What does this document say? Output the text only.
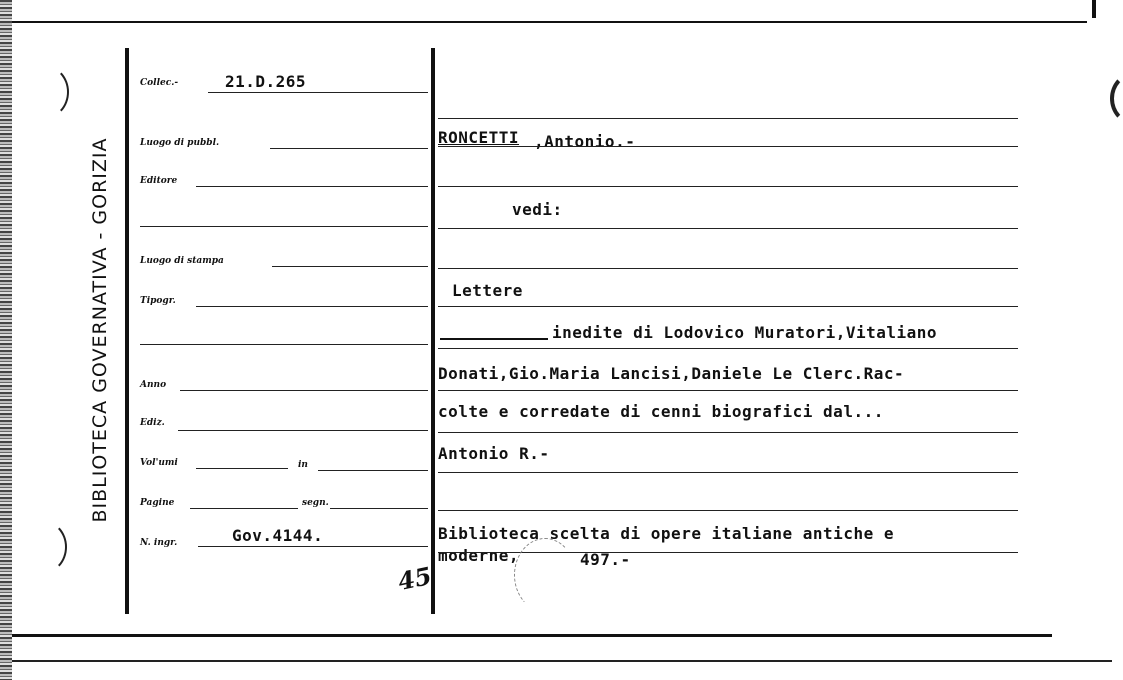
BIBLIOTECA GOVERNATIVA - GORIZIA
Collec.-	21.D.265
Luogo di pubbl.
Editore
Luogo di stampa
Tipogr.
Anno
Ediz.
Vol'umi	in
Pagine	segn.
N. ingr.	Gov.4144.
45
RONCETTI ,Antonio.-
vedi:
Lettere
inedite di Lodovico Muratori,Vitaliano
Donati,Gio.Maria Lancisi,Daniele Le Clerc.Rac-
colte e corredate di cenni biografici dal...
Antonio R.-
Biblioteca scelta di opere italiane antiche e
moderne,	497.-
